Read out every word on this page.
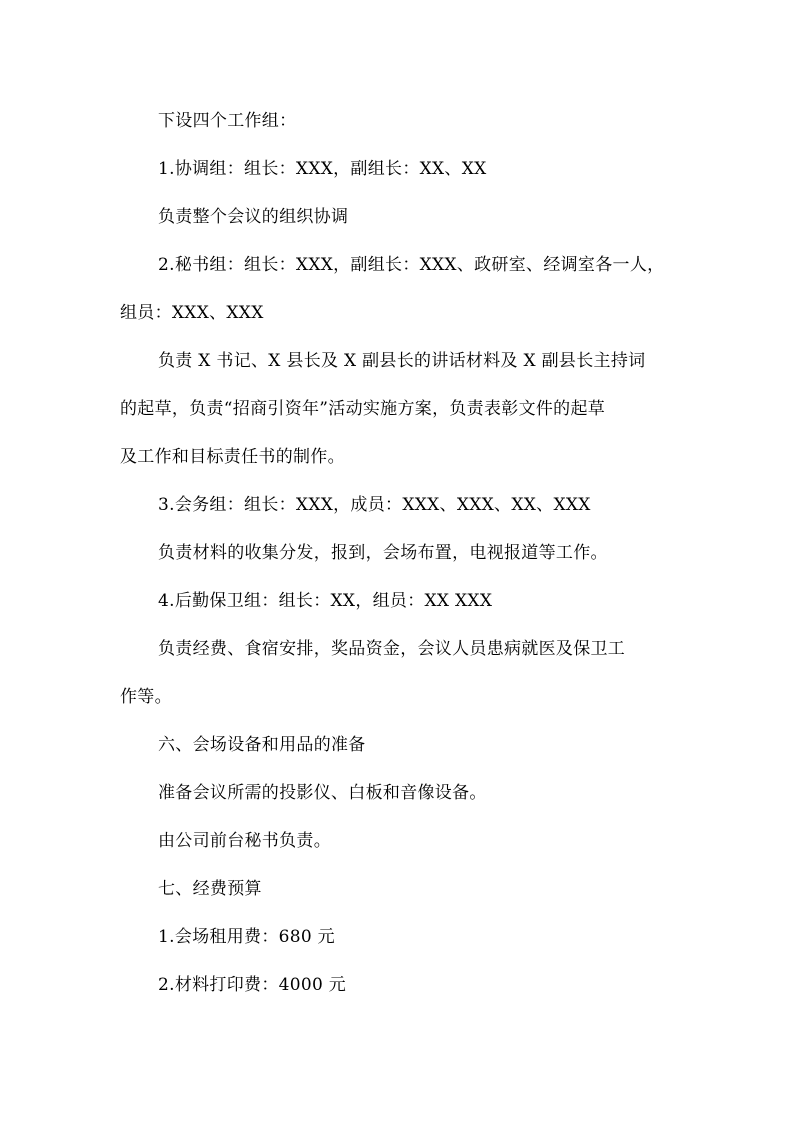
下设四个工作组：
1.协调组：组长：XXX，副组长：XX、XX
负责整个会议的组织协调
2.秘书组：组长：XXX，副组长：XXX、政研室、经调室各一人，
组员：XXX、XXX
负责 X 书记、X 县长及 X 副县长的讲话材料及 X 副县长主持词
的起草，负责“招商引资年”活动实施方案，负责表彰文件的起草
及工作和目标责任书的制作。
3.会务组：组长：XXX，成员：XXX、XXX、XX、XXX
负责材料的收集分发，报到，会场布置，电视报道等工作。
4.后勤保卫组：组长：XX，组员：XX XXX
负责经费、食宿安排，奖品资金，会议人员患病就医及保卫工
作等。
六、会场设备和用品的准备
准备会议所需的投影仪、白板和音像设备。
由公司前台秘书负责。
七、经费预算
1.会场租用费：680 元
2.材料打印费：4000 元
